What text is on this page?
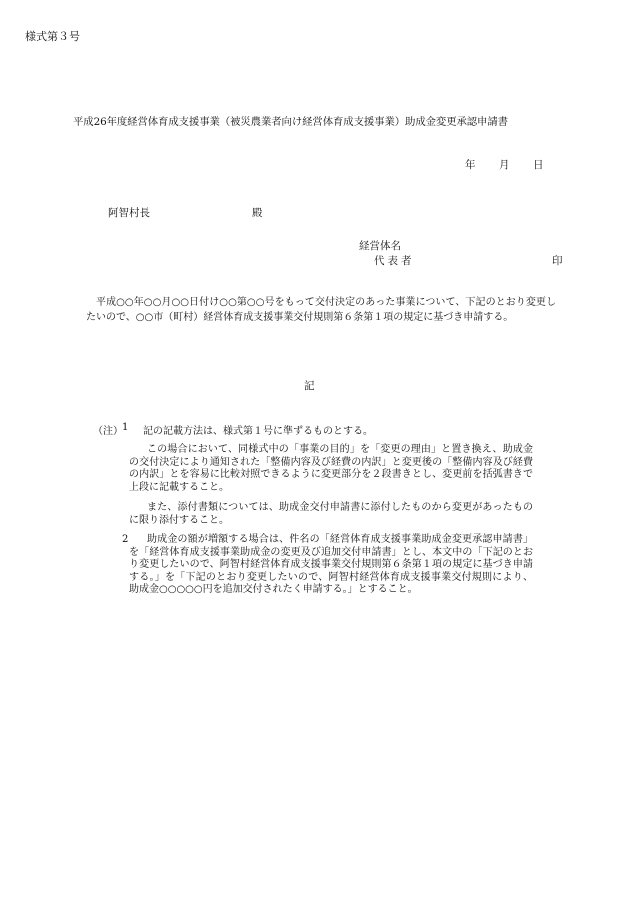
様式第３号
平成26年度経営体育成支援事業（被災農業者向け経営体育成支援事業）助成金変更承認申請書
年 月 日
阿智村長	殿
経営体名
代表者	印
平成○○年○○月○○日付け○○第○○号をもって交付決定のあった事業について、下記のとおり変更したいので、○○市（町村）経営体育成支援事業交付規則第６条第１項の規定に基づき申請する。
記
（注） 1 記の記載方法は、様式第１号に準ずるものとする。
この場合において、同様式中の「事業の目的」を「変更の理由」と置き換え、助成金の交付決定により通知された「整備内容及び経費の内訳」と変更後の「整備内容及び経費の内訳」とを容易に比較対照できるように変更部分を２段書きとし、変更前を括弧書きで上段に記載すること。
また、添付書類については、助成金交付申請書に添付したものから変更があったものに限り添付すること。
2	助成金の額が増額する場合は、件名の「経営体育成支援事業助成金変更承認申請書」を「経営体育成支援事業助成金の変更及び追加交付申請書」とし、本文中の「下記のとおり変更したいので、阿智村経営体育成支援事業交付規則第６条第１項の規定に基づき申請する。」を「下記のとおり変更したいので、阿智村経営体育成支援事業交付規則により、助成金○○○○○円を追加交付されたく申請する。」とすること。
